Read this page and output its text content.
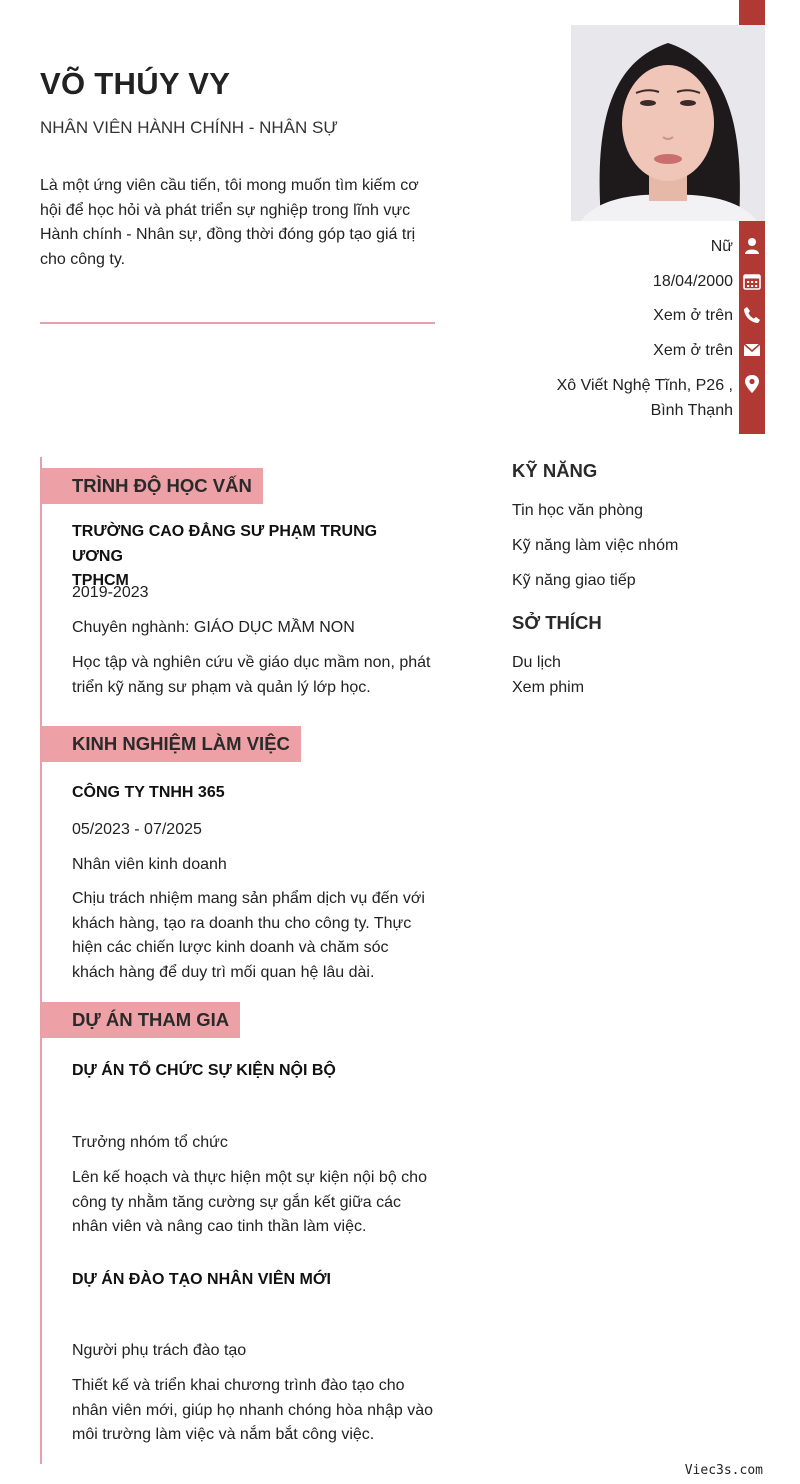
VÕ THÚY VY
NHÂN VIÊN HÀNH CHÍNH - NHÂN SỰ
Là một ứng viên cầu tiến, tôi mong muốn tìm kiếm cơ hội để học hỏi và phát triển sự nghiệp trong lĩnh vực Hành chính - Nhân sự, đồng thời đóng góp tạo giá trị cho công ty.
Nữ
18/04/2000
Xem ở trên
Xem ở trên
Xô Viết Nghệ Tĩnh, P26 ,
Bình Thạnh
TRÌNH ĐỘ HỌC VẤN
TRƯỜNG CAO ĐẲNG SƯ PHẠM TRUNG ƯƠNG
TPHCM
2019-2023
Chuyên nghành: GIÁO DỤC MẦM NON
Học tập và nghiên cứu về giáo dục mầm non, phát triển kỹ năng sư phạm và quản lý lớp học.
KINH NGHIỆM LÀM VIỆC
CÔNG TY TNHH 365
05/2023 - 07/2025
Nhân viên kinh doanh
Chịu trách nhiệm mang sản phẩm dịch vụ đến với khách hàng, tạo ra doanh thu cho công ty. Thực hiện các chiến lược kinh doanh và chăm sóc khách hàng để duy trì mối quan hệ lâu dài.
DỰ ÁN THAM GIA
DỰ ÁN TỔ CHỨC SỰ KIỆN NỘI BỘ
Trưởng nhóm tổ chức
Lên kế hoạch và thực hiện một sự kiện nội bộ cho công ty nhằm tăng cường sự gắn kết giữa các nhân viên và nâng cao tinh thần làm việc.
DỰ ÁN ĐÀO TẠO NHÂN VIÊN MỚI
Người phụ trách đào tạo
Thiết kế và triển khai chương trình đào tạo cho nhân viên mới, giúp họ nhanh chóng hòa nhập vào môi trường làm việc và nắm bắt công việc.
KỸ NĂNG
Tin học văn phòng
Kỹ năng làm việc nhóm
Kỹ năng giao tiếp
SỞ THÍCH
Du lịch
Xem phim
Viec3s.com
